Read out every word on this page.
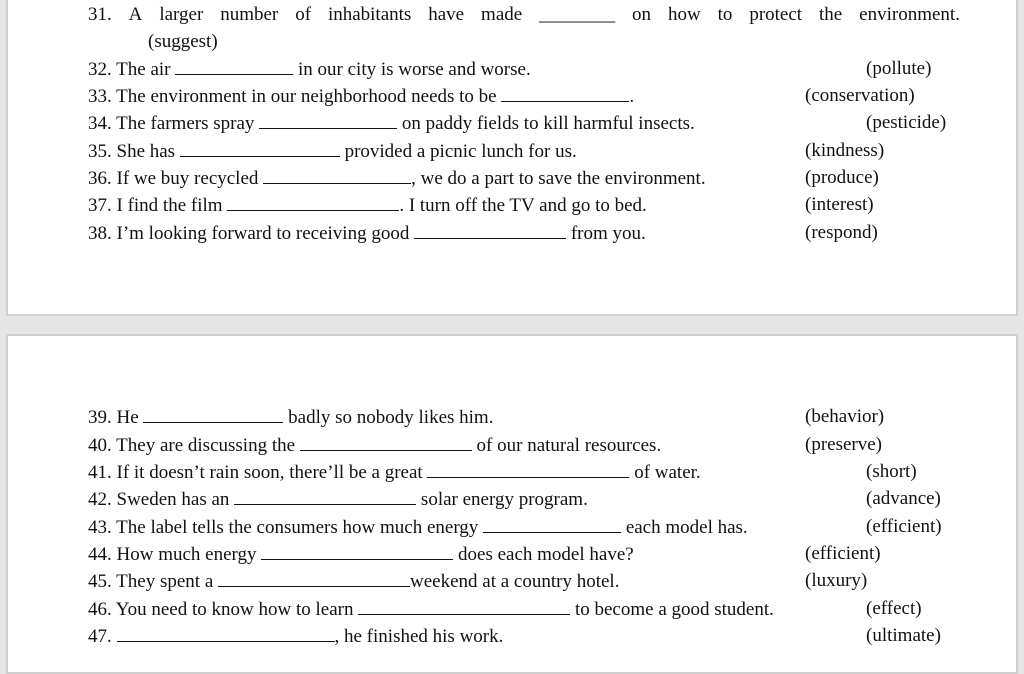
31. A larger number of inhabitants have made ________ on how to protect the environment.
(suggest)
32. The air	in our city is worse and worse.	(pollute)
33. The environment in our neighborhood needs to be	.	(conservation)
34. The farmers spray	on paddy fields to kill harmful insects.	(pesticide)
35. She has	provided a picnic lunch for us.	(kindness)
36. If we buy recycled	, we do a part to save the environment.	(produce)
37. I find the film	. I turn off the TV and go to bed.	(interest)
38. I’m looking forward to receiving good	from you.	(respond)
39. He	badly so nobody likes him.	(behavior)
40. They are discussing the	of our natural resources.	(preserve)
41. If it doesn’t rain soon, there’ll be a great	of water.	(short)
42. Sweden has an	solar energy program.	(advance)
43. The label tells the consumers how much energy	each model has.	(efficient)
44. How much energy	does each model have?	(efficient)
45. They spent a	weekend at a country hotel.	(luxury)
46. You need to know how to learn	to become a good student.	(effect)
47.	, he finished his work.	(ultimate)
